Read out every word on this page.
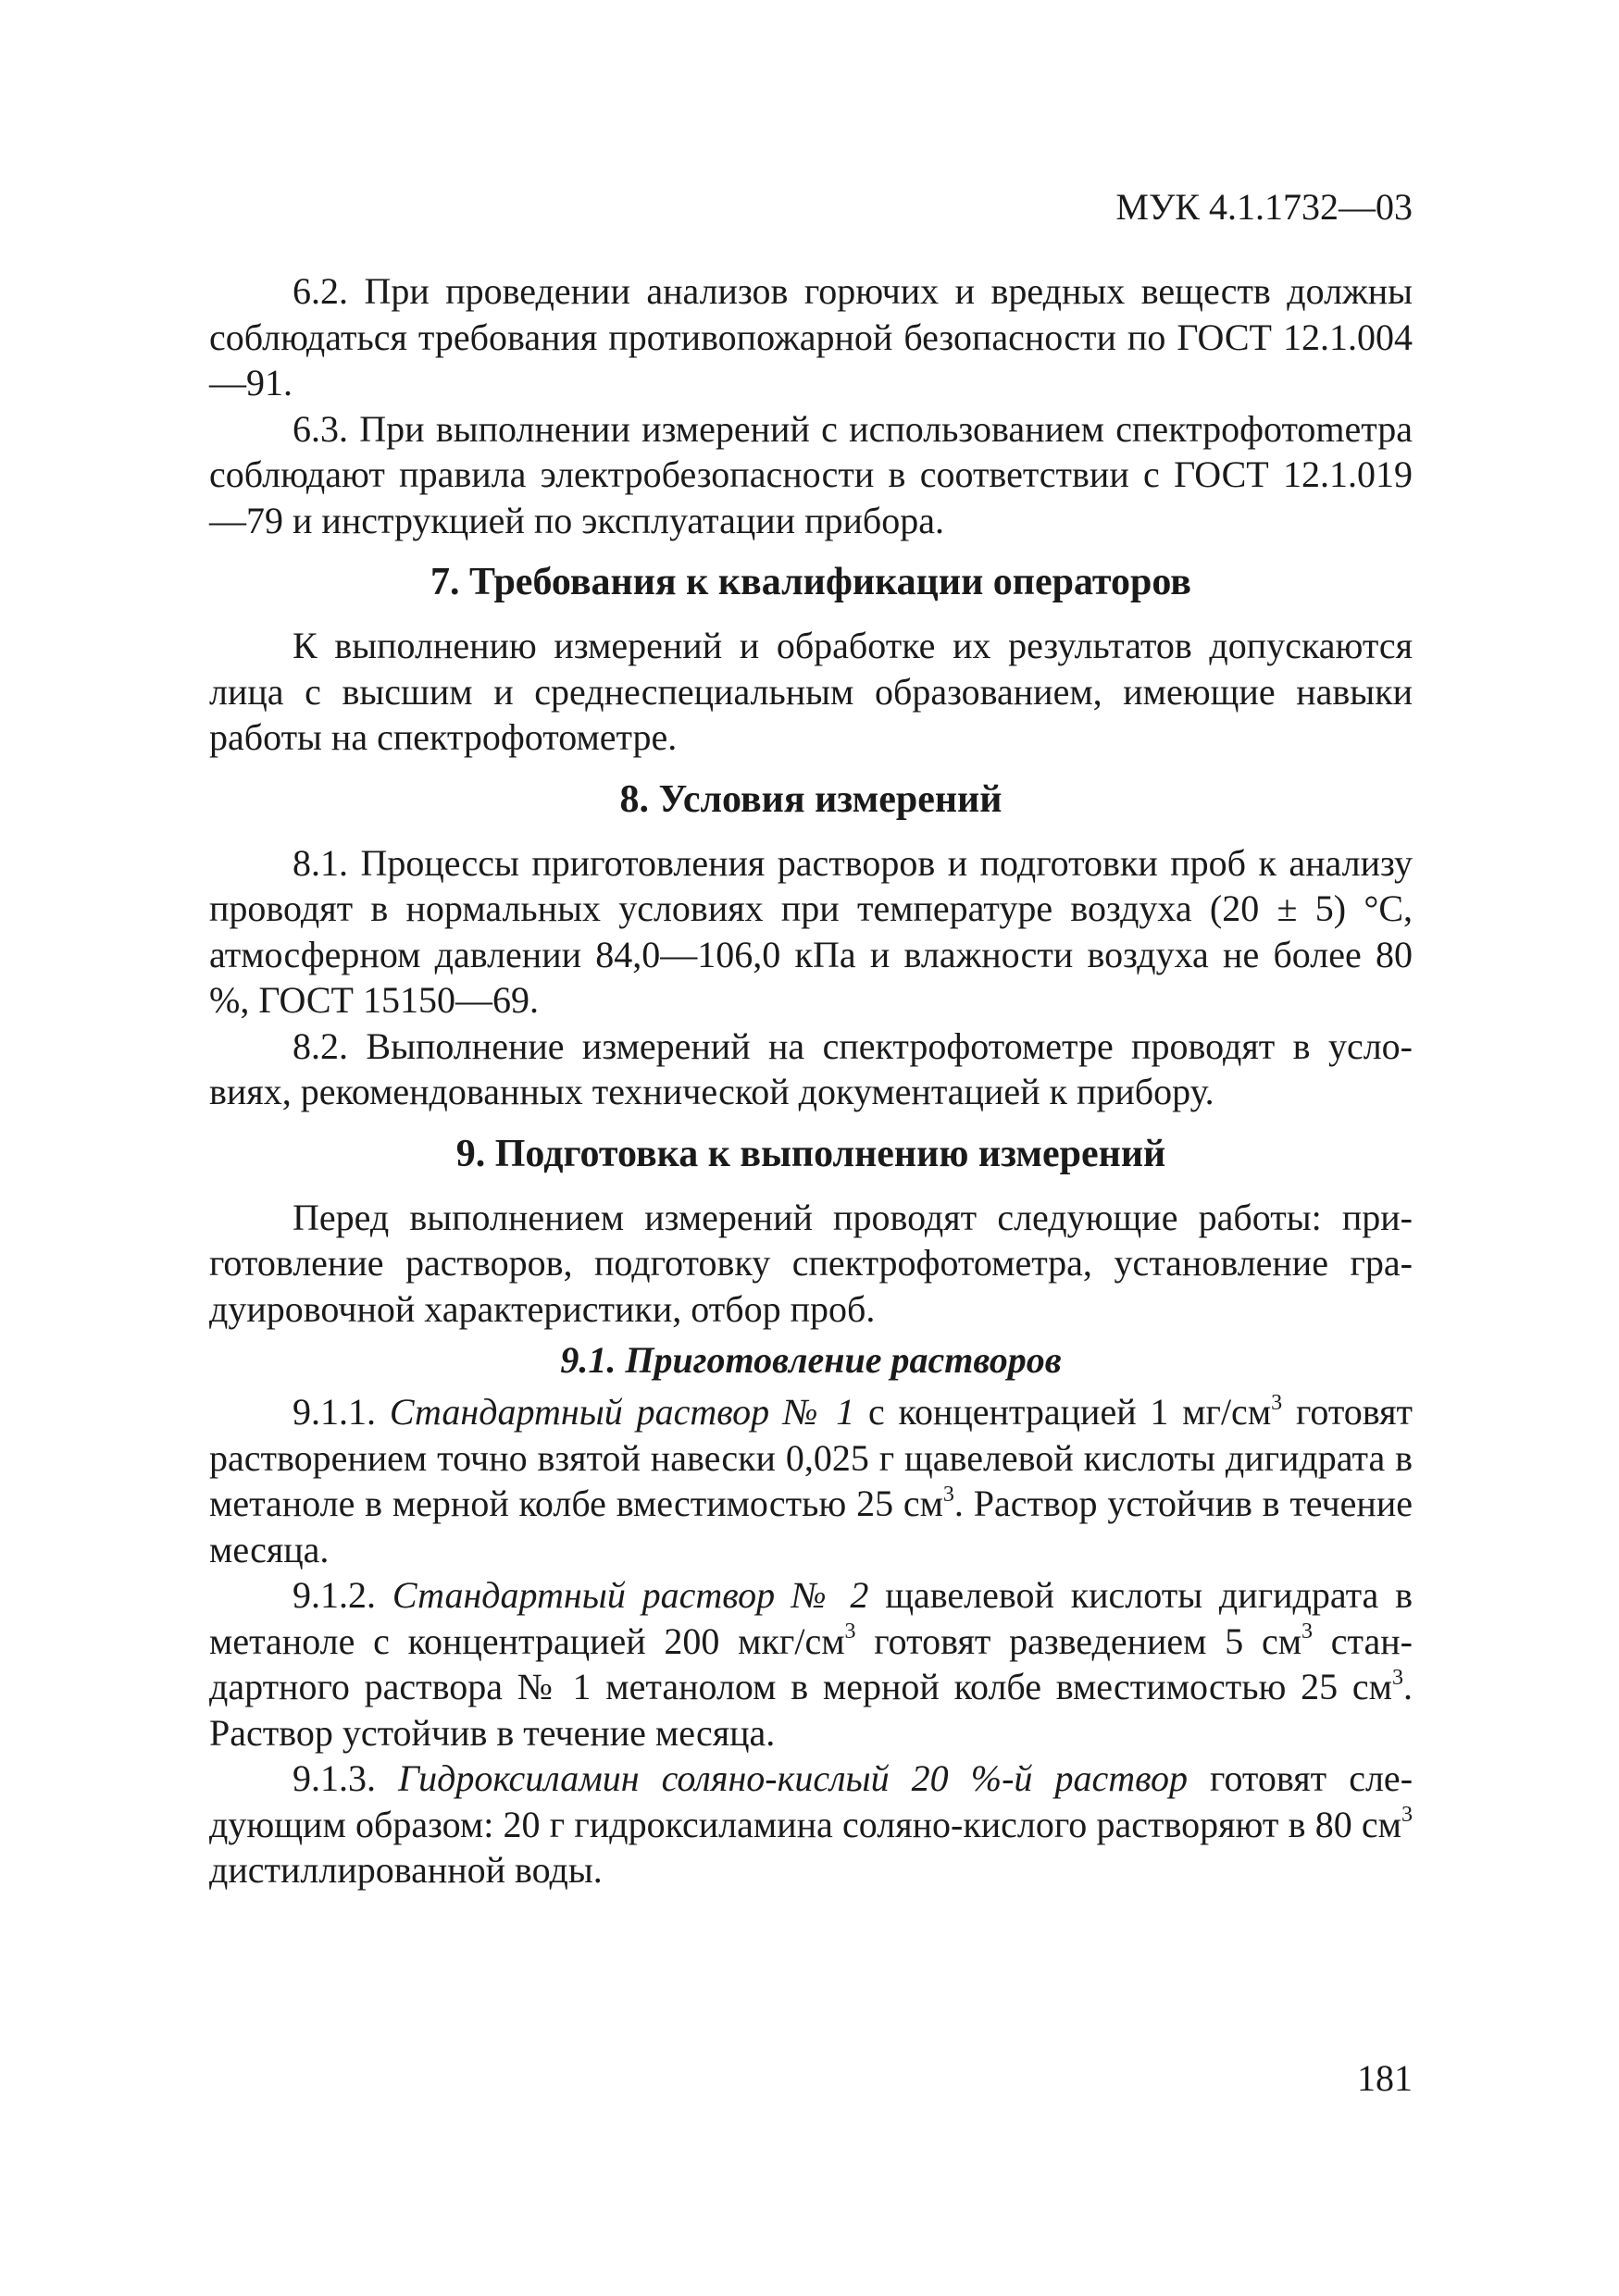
МУК 4.1.1732—03

6.2. При проведении анализов горючих и вредных веществ должны соблюдаться требования противопожарной безопасности по ГОСТ 12.1.004—91.

6.3. При выполнении измерений с использованием спектрофотоmетра соблюдают правила электробезопасности в соответствии с ГОСТ 12.1.019—79 и инструкцией по эксплуатации прибора.

7. Требования к квалификации операторов

К выполнению измерений и обработке их результатов допускаются лица с высшим и среднеспециальным образованием, имеющие навыки работы на спектрофотометре.

8. Условия измерений

8.1. Процессы приготовления растворов и подготовки проб к анализу проводят в нормальных условиях при температуре воздуха (20 ± 5) °С, атмосферном давлении 84,0—106,0 кПа и влажности воздуха не более 80 %, ГОСТ 15150—69.

8.2. Выполнение измерений на спектрофотометре проводят в условиях, рекомендованных технической документацией к прибору.

9. Подготовка к выполнению измерений

Перед выполнением измерений проводят следующие работы: приготовление растворов, подготовку спектрофотометра, установление градуировочной характеристики, отбор проб.

9.1. Приготовление растворов

9.1.1. Стандартный раствор № 1 с концентрацией 1 $мг/см^3$ готовят растворением точно взятой навески 0,025 г щавелевой кислоты дигидрата в метаноле в мерной колбе вместимостью 25 $см^3$. Раствор устойчив в течение месяца.

9.1.2. Стандартный раствор № 2 щавелевой кислоты дигидрата в метаноле с концентрацией 200 мкг/$см^3$ готовят разведением 5 $см^3$ стандартного раствора № 1 метанолом в мерной колбе вместимостью 25 $см^3$. Раствор устойчив в течение месяца.

9.1.3. Гидроксиламин соляно-кислый 20 %-й раствор готовят следующим образом: 20 г гидроксиламина соляно-кислого растворяют в 80 $см^3$ дистиллированной воды.

181
